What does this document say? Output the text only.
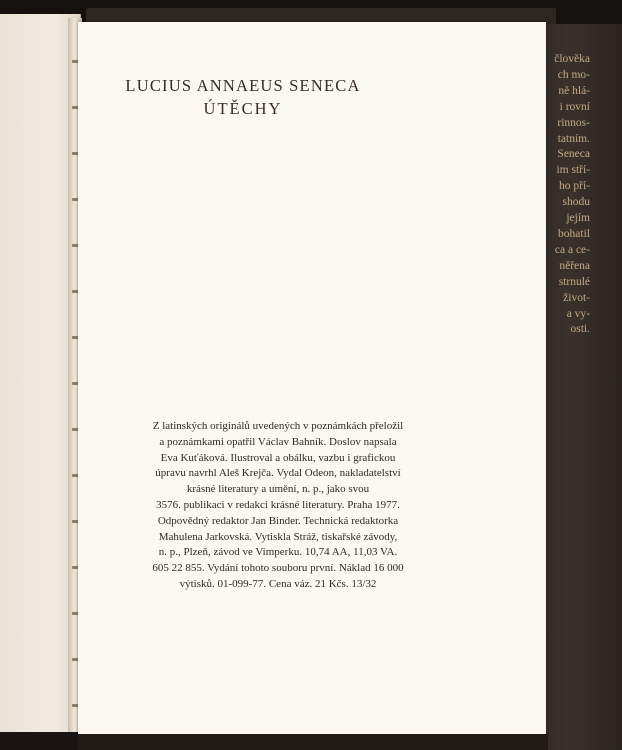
člověka
ch mo-
ně hlá-
i rovní
rinnos-
tatním.
Seneca
im stří-
ho pří-
shodu
jejím
bohatil
ca a ce-
něřena
strnulé
život-
a vy-
osti.
LUCIUS ANNAEUS SENECA
ÚTĚCHY
Z latinských originálů uvedených v poznámkách přeložil
a poznámkami opatřil Václav Bahník. Doslov napsala
Eva Kuťáková. Ilustroval a obálku, vazbu i grafickou
úpravu navrhl Aleš Krejča. Vydal Odeon, nakladatelství
krásné literatury a umění, n. p., jako svou
3576. publikaci v redakci krásné literatury. Praha 1977.
Odpovědný redaktor Jan Binder. Technická redaktorka
Mahulena Jarkovská. Vytiskla Stráž, tiskařské závody,
n. p., Plzeň, závod ve Vimperku. 10,74 AA, 11,03 VA.
605 22 855. Vydání tohoto souboru první. Náklad 16 000
výtisků. 01-099-77. Cena váz. 21 Kčs. 13/32
